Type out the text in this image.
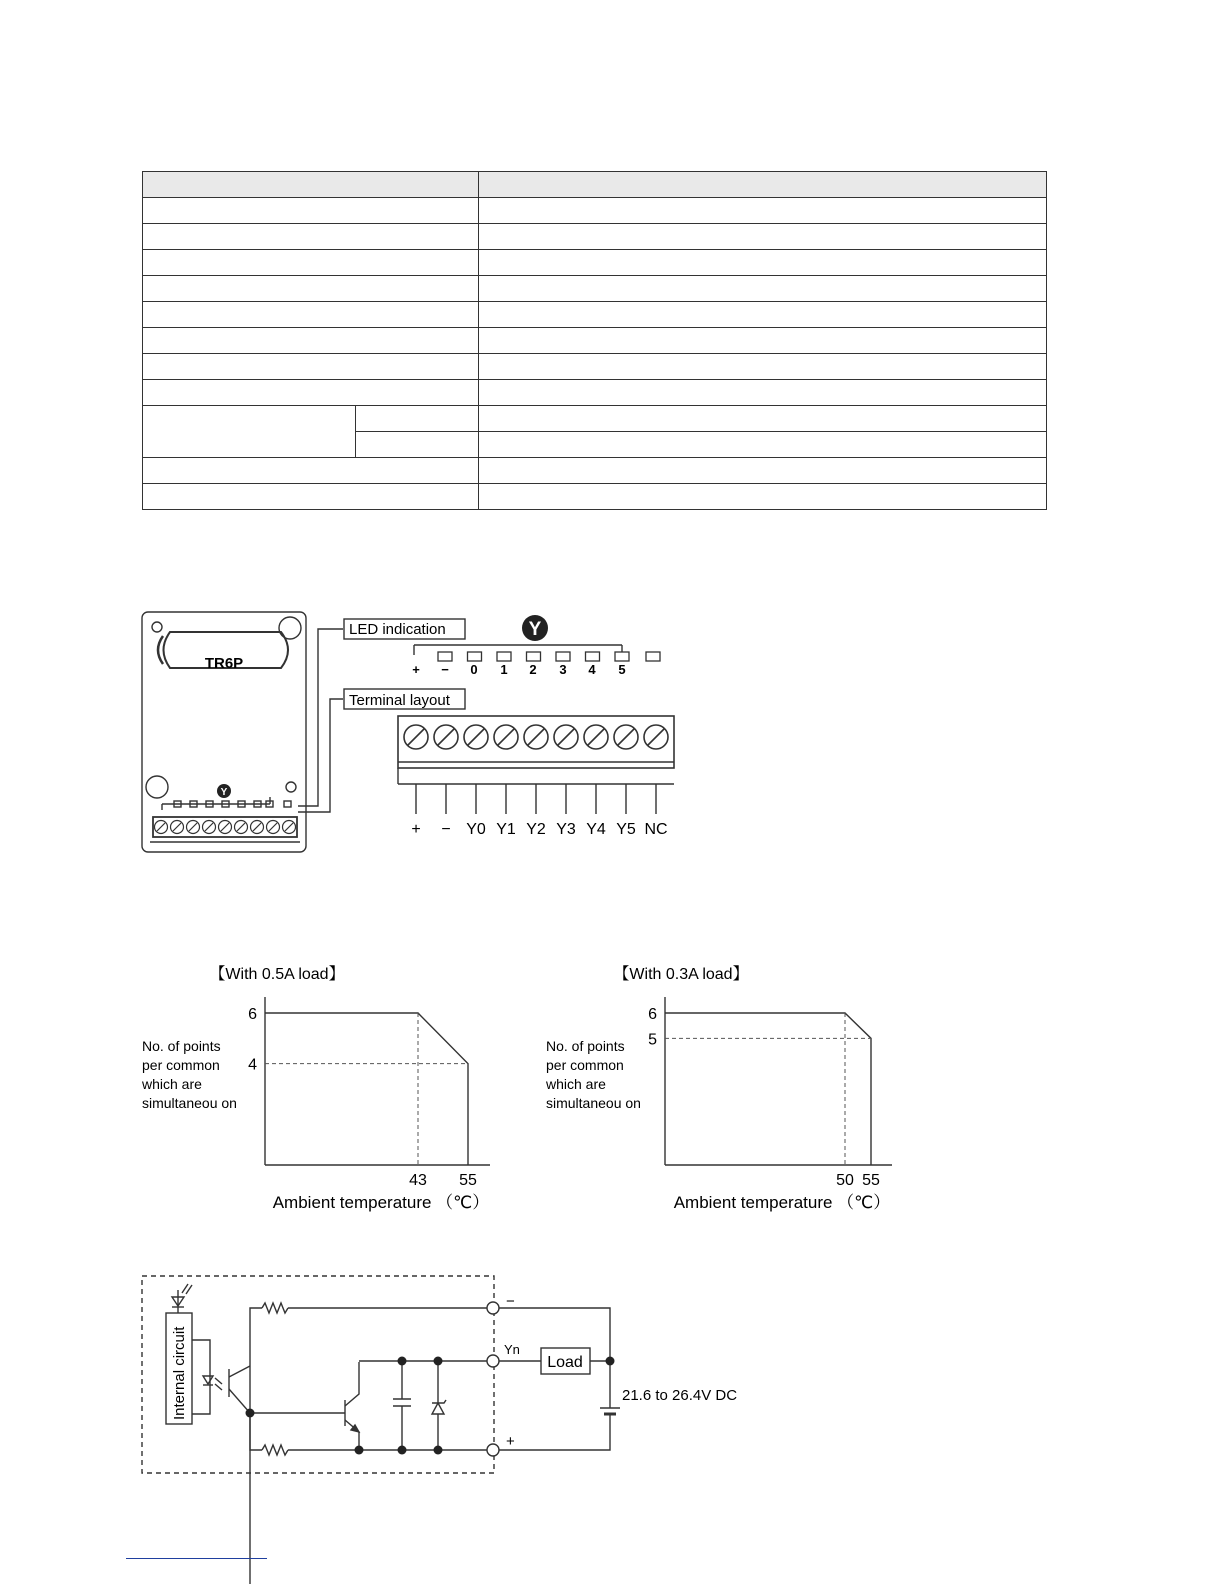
TR6P
Y
Y
LED indication
Terminal layout
+ − 0 1 2 3 4 5
+ − Y0 Y1 Y2 Y3 Y4 Y5 NC
【With 0.5A load】
No. of points
per common
which are
simultaneou on
6
4
43 55
Ambient temperature （℃）
【With 0.3A load】
No. of points
per common
which are
simultaneou on
6
5
50 55
Ambient temperature （℃）
Internal circuit
−
Yn
+
Load
21.6 to 26.4V DC
